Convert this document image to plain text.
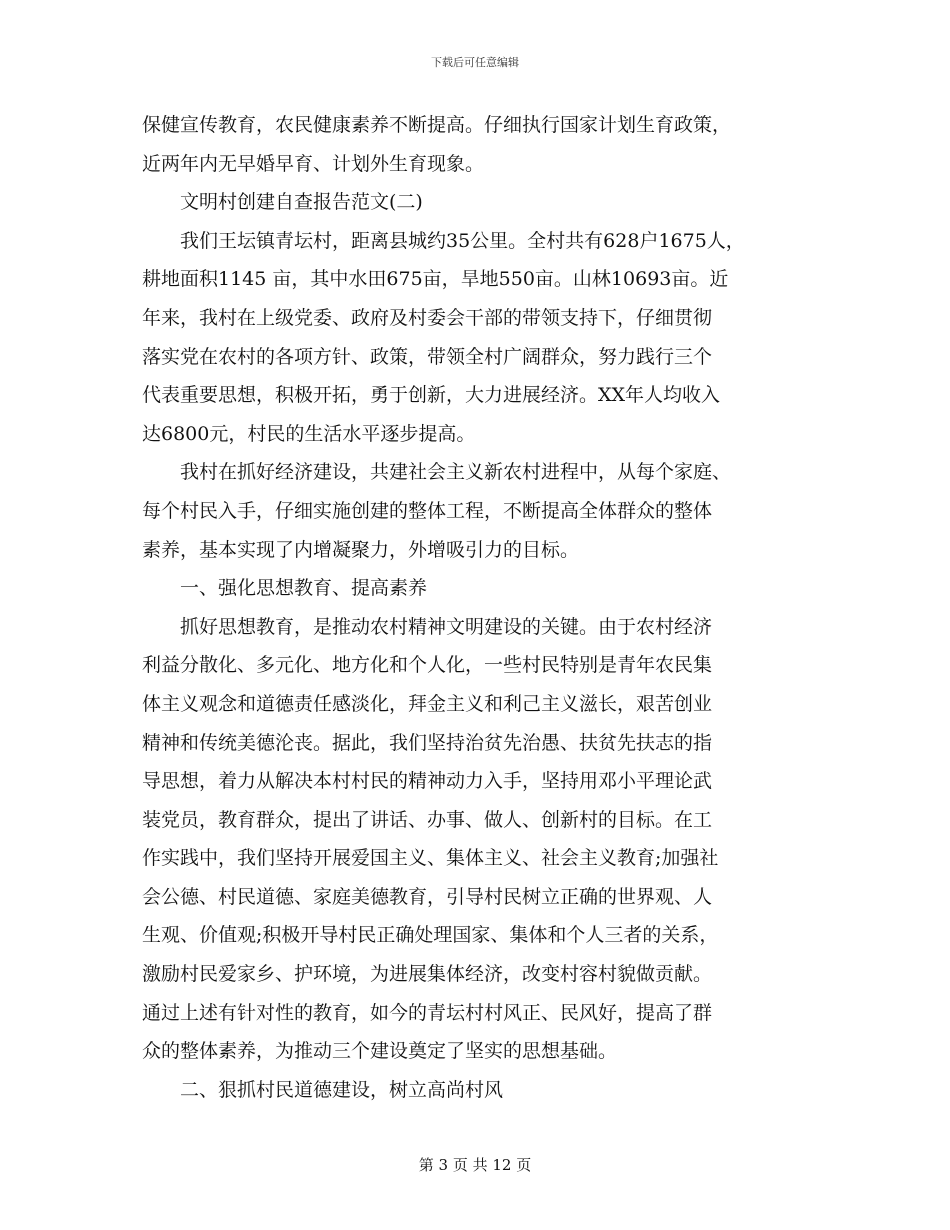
下载后可任意编辑
保健宣传教育，农民健康素养不断提高。仔细执行国家计划生育政策，
近两年内无早婚早育、计划外生育现象。
　　文明村创建自查报告范文(二)
　　我们王坛镇青坛村，距离县城约35公里。全村共有628户1675人，
耕地面积1145 亩，其中水田675亩，旱地550亩。山林10693亩。近
年来，我村在上级党委、政府及村委会干部的带领支持下，仔细贯彻
落实党在农村的各项方针、政策，带领全村广阔群众，努力践行三个
代表重要思想，积极开拓，勇于创新，大力进展经济。XX年人均收入
达6800元，村民的生活水平逐步提高。
　　我村在抓好经济建设，共建社会主义新农村进程中，从每个家庭、
每个村民入手，仔细实施创建的整体工程，不断提高全体群众的整体
素养，基本实现了内增凝聚力，外增吸引力的目标。
　　一、强化思想教育、提高素养
　　抓好思想教育，是推动农村精神文明建设的关键。由于农村经济
利益分散化、多元化、地方化和个人化，一些村民特别是青年农民集
体主义观念和道德责任感淡化，拜金主义和利己主义滋长，艰苦创业
精神和传统美德沦丧。据此，我们坚持治贫先治愚、扶贫先扶志的指
导思想，着力从解决本村村民的精神动力入手，坚持用邓小平理论武
装党员，教育群众，提出了讲话、办事、做人、创新村的目标。在工
作实践中，我们坚持开展爱国主义、集体主义、社会主义教育;加强社
会公德、村民道德、家庭美德教育，引导村民树立正确的世界观、人
生观、价值观;积极开导村民正确处理国家、集体和个人三者的关系，
激励村民爱家乡、护环境，为进展集体经济，改变村容村貌做贡献。
通过上述有针对性的教育，如今的青坛村村风正、民风好，提高了群
众的整体素养，为推动三个建设奠定了坚实的思想基础。
　　二、狠抓村民道德建设，树立高尚村风
第 3 页 共 12 页
